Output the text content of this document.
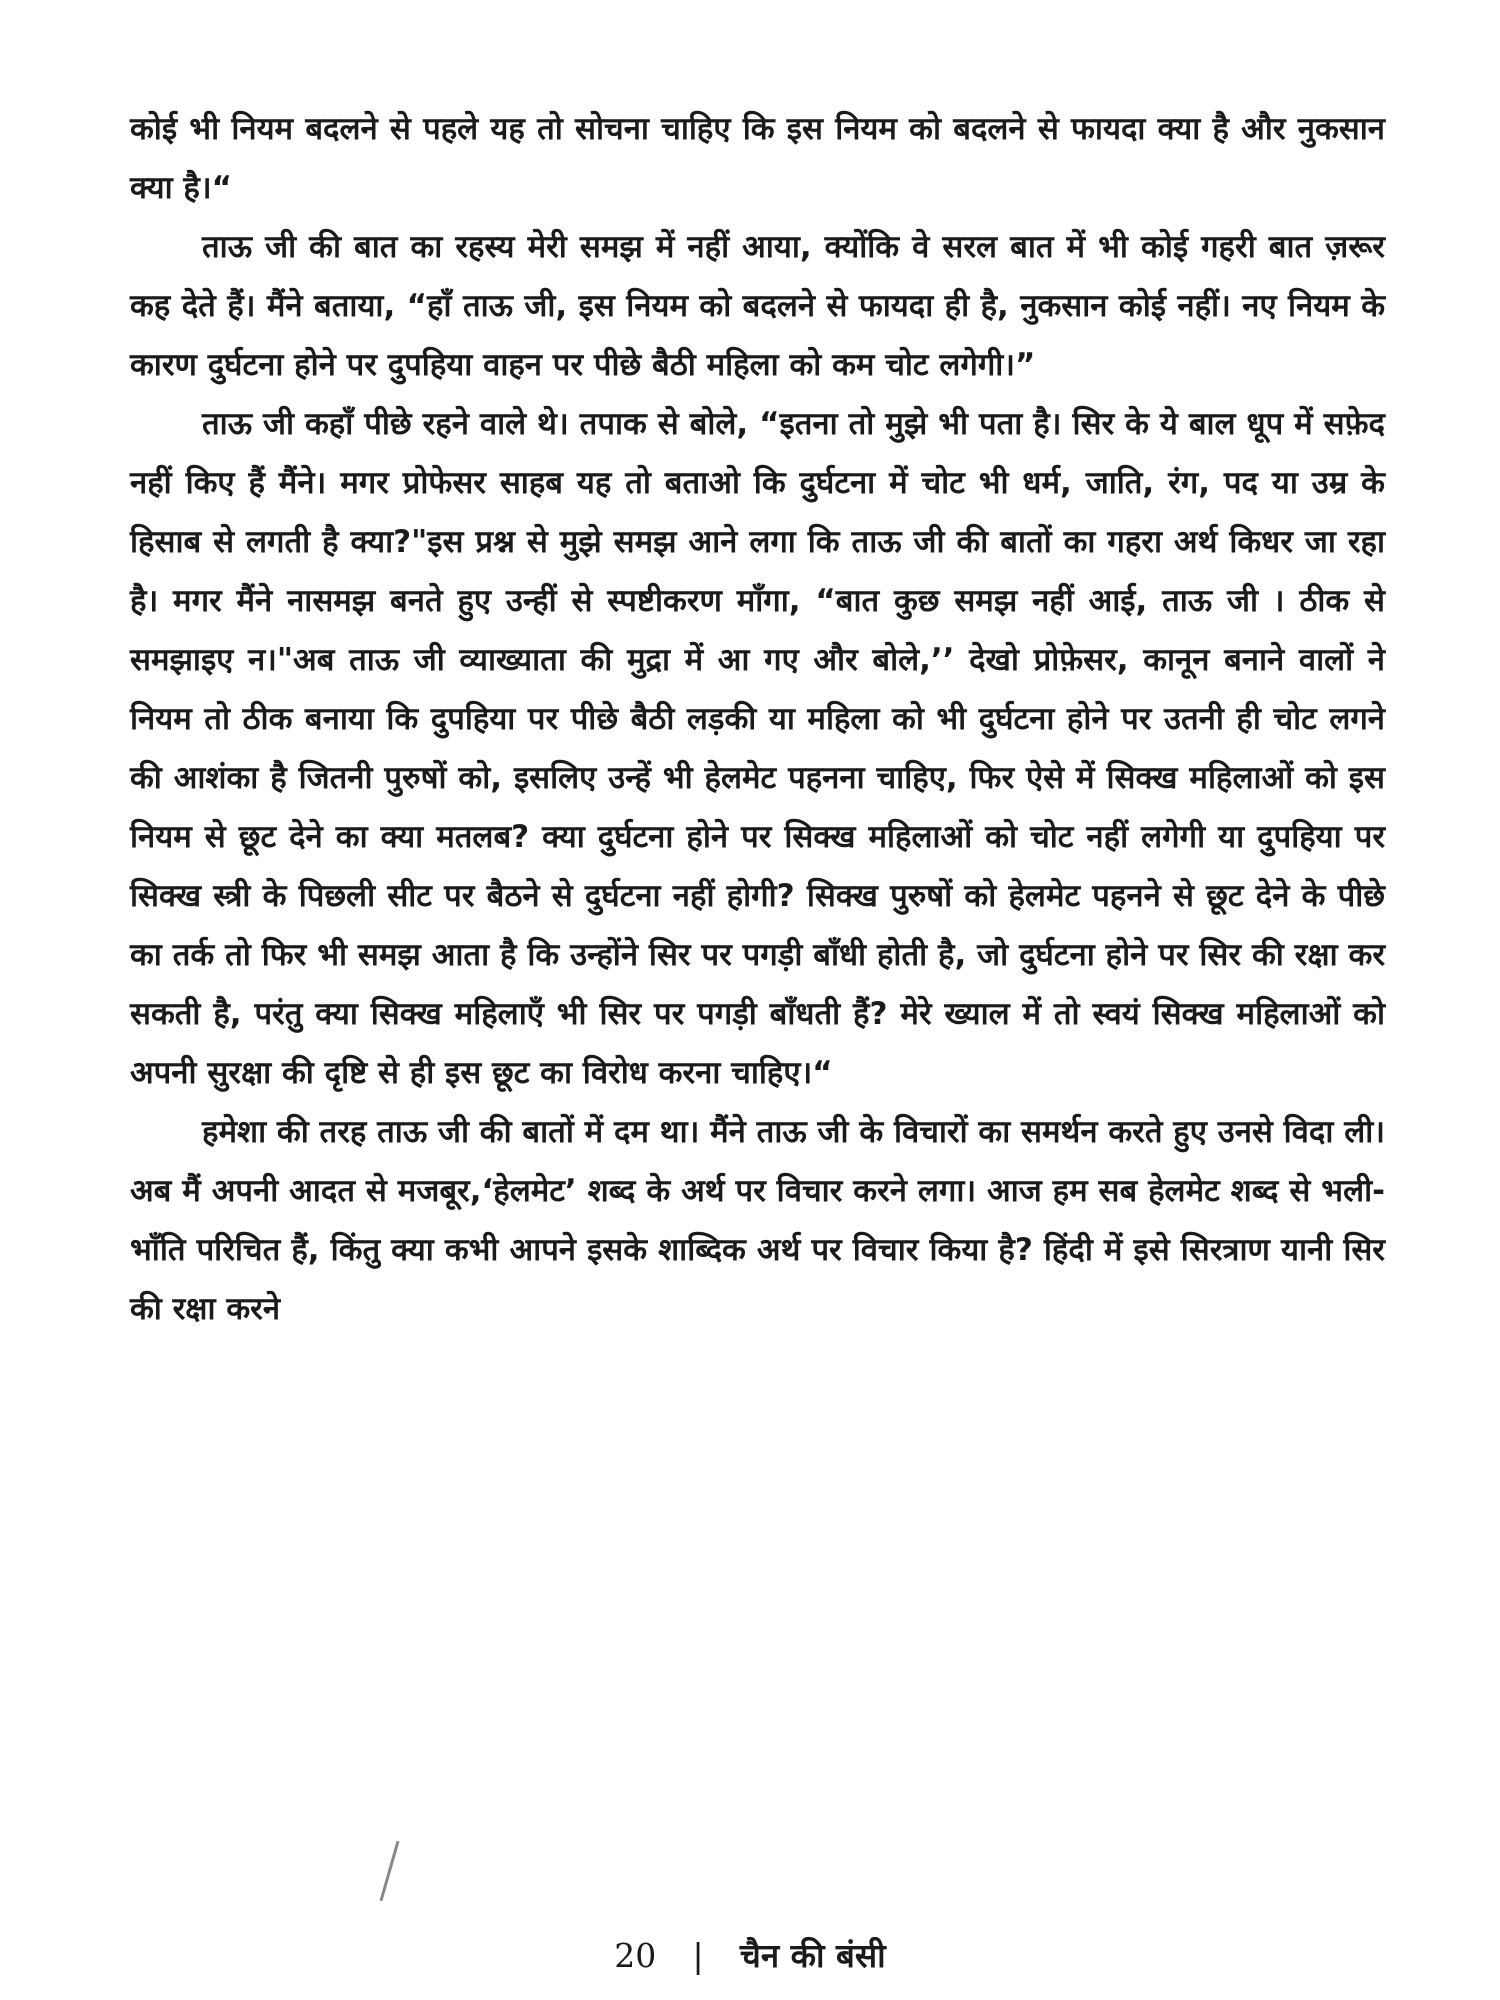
कोई भी नियम बदलने से पहले यह तो सोचना चाहिए कि इस नियम को बदलने से फायदा क्या है और नुकसान क्या है।“

ताऊ जी की बात का रहस्य मेरी समझ में नहीं आया, क्योंकि वे सरल बात में भी कोई गहरी बात ज़रूर कह देते हैं। मैंने बताया, “हाँ ताऊ जी, इस नियम को बदलने से फायदा ही है, नुकसान कोई नहीं। नए नियम के कारण दुर्घटना होने पर दुपहिया वाहन पर पीछे बैठी महिला को कम चोट लगेगी।”

ताऊ जी कहाँ पीछे रहने वाले थे। तपाक से बोले, “इतना तो मुझे भी पता है। सिर के ये बाल धूप में सफ़ेद नहीं किए हैं मैंने। मगर प्रोफेसर साहब यह तो बताओ कि दुर्घटना में चोट भी धर्म, जाति, रंग, पद या उम्र के हिसाब से लगती है क्या?"इस प्रश्न से मुझे समझ आने लगा कि ताऊ जी की बातों का गहरा अर्थ किधर जा रहा है। मगर मैंने नासमझ बनते हुए उन्हीं से स्पष्टीकरण माँगा, “बात कुछ समझ नहीं आई, ताऊ जी । ठीक से समझाइए न।"अब ताऊ जी व्याख्याता की मुद्रा में आ गए और बोले,’’ देखो प्रोफ़ेसर, कानून बनाने वालों ने नियम तो ठीक बनाया कि दुपहिया पर पीछे बैठी लड़की या महिला को भी दुर्घटना होने पर उतनी ही चोट लगने की आशंका है जितनी पुरुषों को, इसलिए उन्हें भी हेलमेट पहनना चाहिए, फिर ऐसे में सिक्ख महिलाओं को इस नियम से छूट देने का क्या मतलब? क्या दुर्घटना होने पर सिक्ख महिलाओं को चोट नहीं लगेगी या दुपहिया पर सिक्ख स्त्री के पिछली सीट पर बैठने से दुर्घटना नहीं होगी? सिक्ख पुरुषों को हेलमेट पहनने से छूट देने के पीछे का तर्क तो फिर भी समझ आता है कि उन्होंने सिर पर पगड़ी बाँधी होती है, जो दुर्घटना होने पर सिर की रक्षा कर सकती है, परंतु क्या सिक्ख महिलाएँ भी सिर पर पगड़ी बाँधती हैं? मेरे ख्याल में तो स्वयं सिक्ख महिलाओं को अपनी सुरक्षा की दृष्टि से ही इस छूट का विरोध करना चाहिए।“

हमेशा की तरह ताऊ जी की बातों में दम था। मैंने ताऊ जी के विचारों का समर्थन करते हुए उनसे विदा ली। अब मैं अपनी आदत से मजबूर,‘हेलमेट’ शब्द के अर्थ पर विचार करने लगा। आज हम सब हेलमेट शब्द से भली-भाँति परिचित हैं, किंतु क्या कभी आपने इसके शाब्दिक अर्थ पर विचार किया है? हिंदी में इसे सिरत्राण यानी सिर की रक्षा करने

20 | चैन की बंसी
